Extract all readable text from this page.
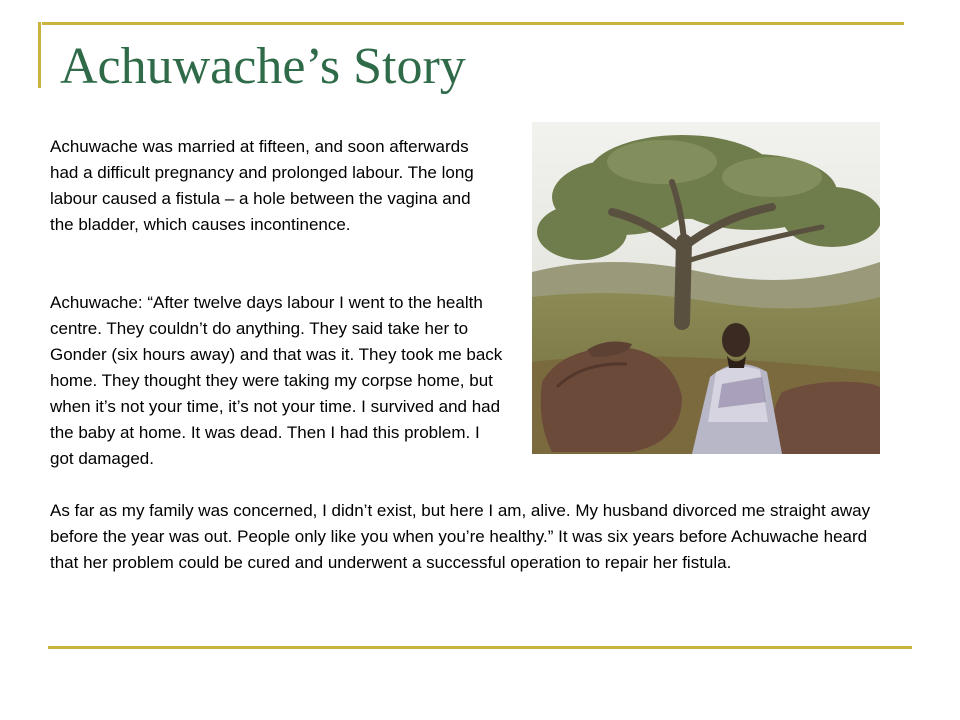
Achuwache’s Story

Achuwache was married at fifteen, and soon afterwards had a difficult pregnancy and prolonged labour. The long labour caused a fistula – a hole between the vagina and the bladder, which causes incontinence.

Achuwache: “After twelve days labour I went to the health centre. They couldn’t do anything. They said take her to Gonder (six hours away) and that was it. They took me back home. They thought they were taking my corpse home, but when it’s not your time, it’s not your time. I survived and had the baby at home. It was dead. Then I had this problem. I got damaged.

As far as my family was concerned, I didn’t exist, but here I am, alive. My husband divorced me straight away before the year was out. People only like you when you’re healthy.” It was six years before Achuwache heard that her problem could be cured and underwent a successful operation to repair her fistula.
